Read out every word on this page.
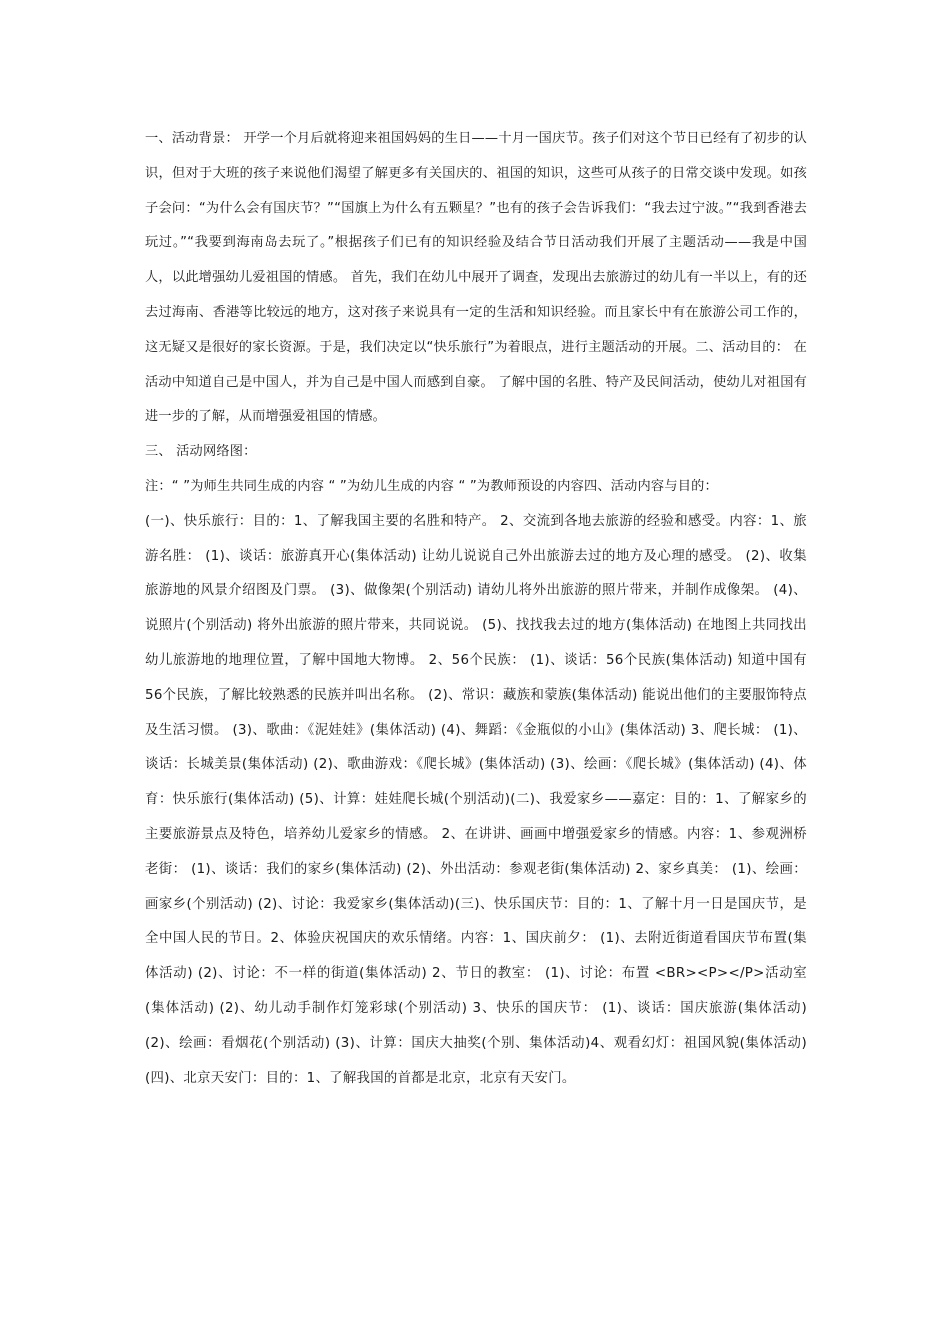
一、活动背景： 开学一个月后就将迎来祖国妈妈的生日——十月一国庆节。孩子们对这个节日已经有了初步的认识，但对于大班的孩子来说他们渴望了解更多有关国庆的、祖国的知识，这些可从孩子的日常交谈中发现。如孩子会问：“为什么会有国庆节？”“国旗上为什么有五颗星？”也有的孩子会告诉我们：“我去过宁波。”“我到香港去玩过。”“我要到海南岛去玩了。”根据孩子们已有的知识经验及结合节日活动我们开展了主题活动——我是中国人，以此增强幼儿爱祖国的情感。 首先，我们在幼儿中展开了调查，发现出去旅游过的幼儿有一半以上，有的还去过海南、香港等比较远的地方，这对孩子来说具有一定的生活和知识经验。而且家长中有在旅游公司工作的，这无疑又是很好的家长资源。于是，我们决定以“快乐旅行”为着眼点，进行主题活动的开展。二、活动目的： 在活动中知道自己是中国人，并为自己是中国人而感到自豪。 了解中国的名胜、特产及民间活动，使幼儿对祖国有进一步的了解，从而增强爱祖国的情感。

三、 活动网络图：

注：“ ”为师生共同生成的内容 “ ”为幼儿生成的内容 “ ”为教师预设的内容四、活动内容与目的：

(一)、快乐旅行：目的：1、了解我国主要的名胜和特产。 2、交流到各地去旅游的经验和感受。内容：1、旅游名胜： (1)、谈话：旅游真开心(集体活动) 让幼儿说说自己外出旅游去过的地方及心理的感受。 (2)、收集旅游地的风景介绍图及门票。 (3)、做像架(个别活动) 请幼儿将外出旅游的照片带来，并制作成像架。 (4)、说照片(个别活动) 将外出旅游的照片带来，共同说说。 (5)、找找我去过的地方(集体活动) 在地图上共同找出幼儿旅游地的地理位置，了解中国地大物博。 2、56个民族： (1)、谈话：56个民族(集体活动) 知道中国有56个民族，了解比较熟悉的民族并叫出名称。 (2)、常识：藏族和蒙族(集体活动) 能说出他们的主要服饰特点及生活习惯。 (3)、歌曲：《泥娃娃》(集体活动) (4)、舞蹈：《金瓶似的小山》(集体活动) 3、爬长城： (1)、谈话：长城美景(集体活动) (2)、歌曲游戏：《爬长城》(集体活动) (3)、绘画：《爬长城》(集体活动) (4)、体育：快乐旅行(集体活动) (5)、计算：娃娃爬长城(个别活动)(二)、我爱家乡——嘉定：目的：1、了解家乡的主要旅游景点及特色，培养幼儿爱家乡的情感。 2、在讲讲、画画中增强爱家乡的情感。内容：1、参观洲桥老街： (1)、谈话：我们的家乡(集体活动) (2)、外出活动：参观老街(集体活动) 2、家乡真美： (1)、绘画：画家乡(个别活动) (2)、讨论：我爱家乡(集体活动)(三)、快乐国庆节：目的：1、了解十月一日是国庆节，是全中国人民的节日。2、体验庆祝国庆的欢乐情绪。内容：1、国庆前夕： (1)、去附近街道看国庆节布置(集体活动) (2)、讨论：不一样的街道(集体活动) 2、节日的教室： (1)、讨论：布置 <BR><P></P>活动室(集体活动) (2)、幼儿动手制作灯笼彩球(个别活动) 3、快乐的国庆节： (1)、谈话：国庆旅游(集体活动) (2)、绘画：看烟花(个别活动) (3)、计算：国庆大抽奖(个别、集体活动)4、观看幻灯：祖国风貌(集体活动)(四)、北京天安门：目的：1、了解我国的首都是北京，北京有天安门。
